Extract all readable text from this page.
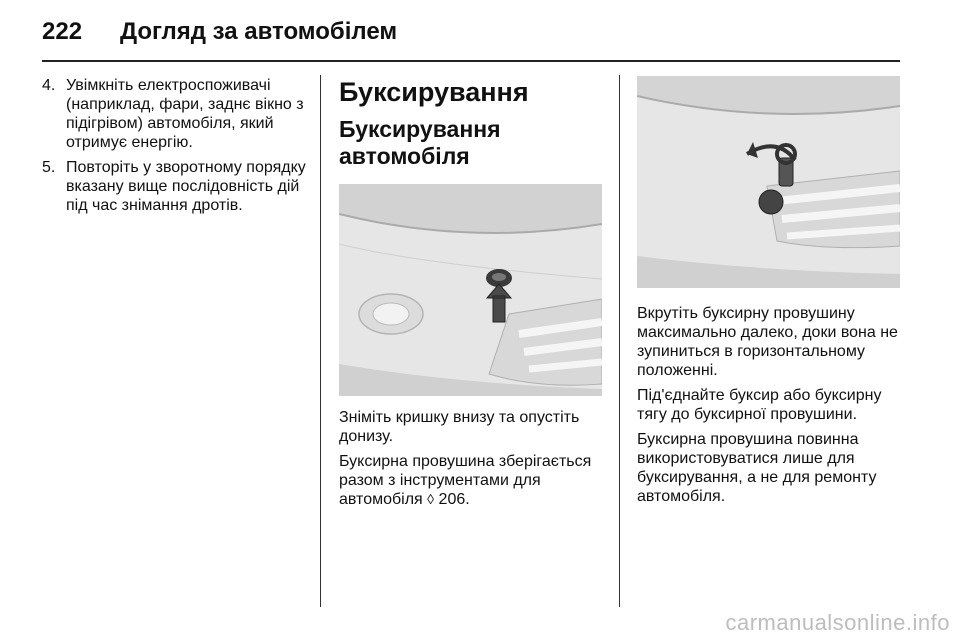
222 Догляд за автомобілем
4. Увімкніть електроспоживачі (наприклад, фари, заднє вікно з підігрівом) автомобіля, який отримує енергію.
5. Повторіть у зворотному порядку вказану вище послідовність дій під час знімання дротів.
Буксирування
Буксирування автомобіля
Зніміть кришку внизу та опустіть донизу.
Буксирна провушина зберігається разом з інструментами для автомобіля ◊ 206.
Вкрутіть буксирну провушину максимально далеко, доки вона не зупиниться в горизонтальному положенні.
Під'єднайте буксир або буксирну тягу до буксирної провушини.
Буксирна провушина повинна використовуватися лише для буксирування, а не для ремонту автомобіля.
carmanualsonline.info
